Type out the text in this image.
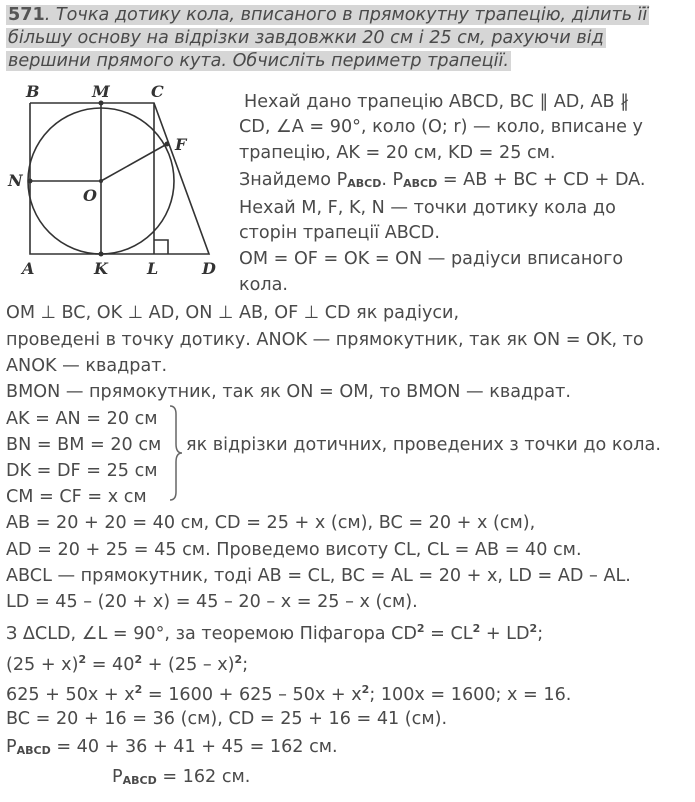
571. Точка дотику кола, вписаного в прямокутну трапецію, ділить її
більшу основу на відрізки завдовжки 20 см і 25 см, рахуючи від
вершини прямого кута. Обчисліть периметр трапеції.
B	M	C
F
N
O
A	K L	D
Нехай дано трапецію ABCD, BC ∥ AD, AB ∦
CD, ∠A = 90°, коло (O; r) — коло, вписане у
трапецію, AK = 20 см, KD = 25 см.
Знайдемо $P_{ABCD}$. $P_{ABCD}$ = AB + BC + CD + DA.
Нехай M, F, K, N — точки дотику кола до
сторін трапеції ABCD.
OM = OF = OK = ON — радіуси вписаного
кола.
OM ⊥ BC, OK ⊥ AD, ON ⊥ AB, OF ⊥ CD як радіуси,
проведені в точку дотику. ANOK — прямокутник, так як ON = OK, то
ANOK — квадрат.
BMON — прямокутник, так як ON = OM, то BMON — квадрат.
AK = AN = 20 см
BN = BM = 20 см
DK = DF = 25 см
CM = CF = x см
як відрізки дотичних, проведених з точки до кола.
AB = 20 + 20 = 40 см, CD = 25 + x (см), BC = 20 + x (см),
AD = 20 + 25 = 45 см. Проведемо висоту CL, CL = AB = 40 см.
ABCL — прямокутник, тоді AB = CL, BC = AL = 20 + x, LD = AD – AL.
LD = 45 – (20 + x) = 45 – 20 – x = 25 – x (см).
З ΔCLD, ∠L = 90°, за теоремою Піфагора $CD^2 = CL^2 + LD^2$;
$(25 + x)^2 = 40^2 + (25 - x)^2$;
$625 + 50x + x^2 = 1600 + 625 - 50x + x^2$; 100x = 1600; x = 16.
BC = 20 + 16 = 36 (см), CD = 25 + 16 = 41 (см).
$P_{ABCD} = 40 + 36 + 41 + 45 = 162$ см.
$P_{ABCD} = 162$ см.
